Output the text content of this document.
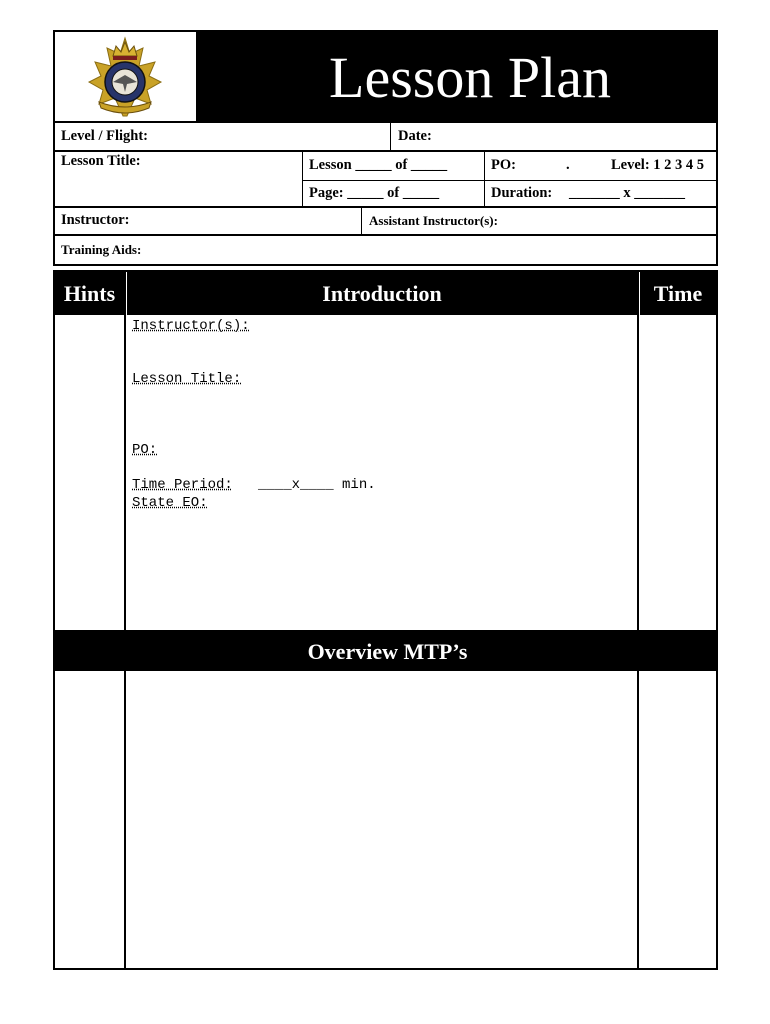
Lesson Plan
Level / Flight:	Date:
Lesson Title:	Lesson _____ of _____	PO:	.	Level: 1 2 3 4 5
Page: _____ of _____	Duration: _______ x _______
Instructor:	Assistant Instructor(s):
Training Aids:
Hints	Introduction	Time
Overview MTP’s
Instructor(s):
Lesson Title:
PO:
Time Period: ____x____ min.
State EO:
